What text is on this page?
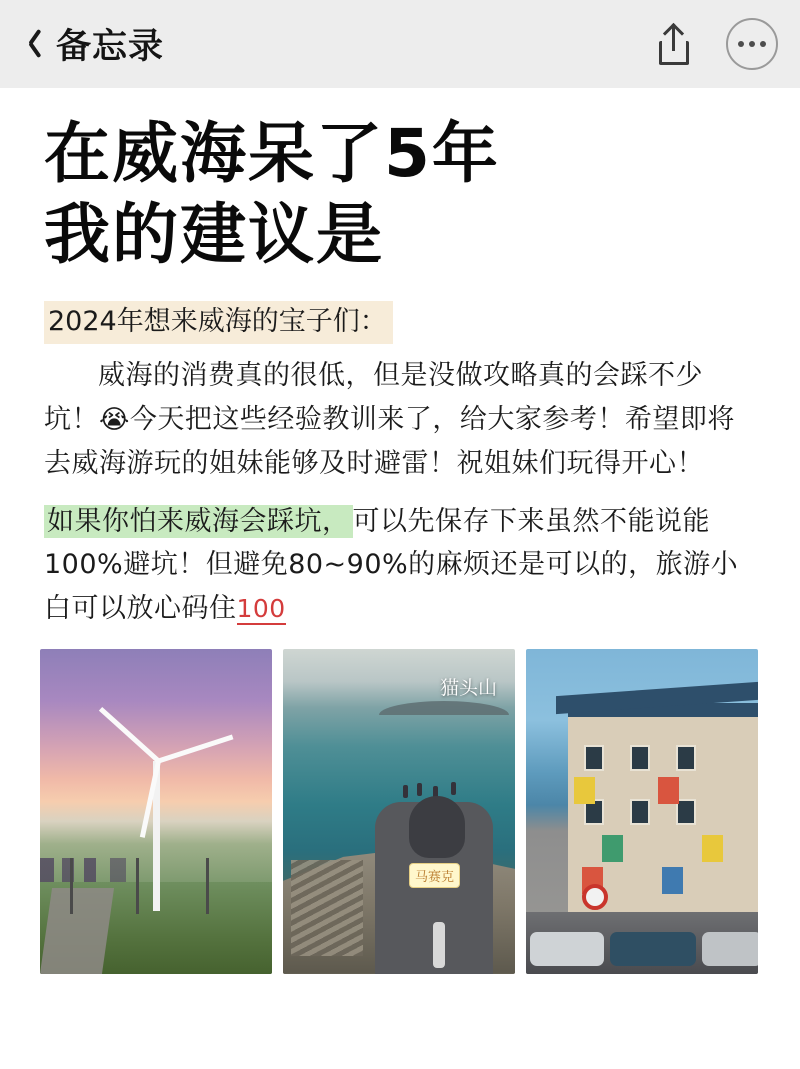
备忘录
在威海呆了5年
我的建议是
2024年想来威海的宝子们：

威海的消费真的很低，但是没做攻略真的会踩不少坑！😭今天把这些经验教训来了，给大家参考！希望即将去威海游玩的姐妹能够及时避雷！祝姐妹们玩得开心！

如果你怕来威海会踩坑， 可以先保存下来虽然不能说能100%避坑！但避免80~90%的麻烦还是可以的，旅游小白可以放心码住100

马赛克
猫头山
中国旅游网
